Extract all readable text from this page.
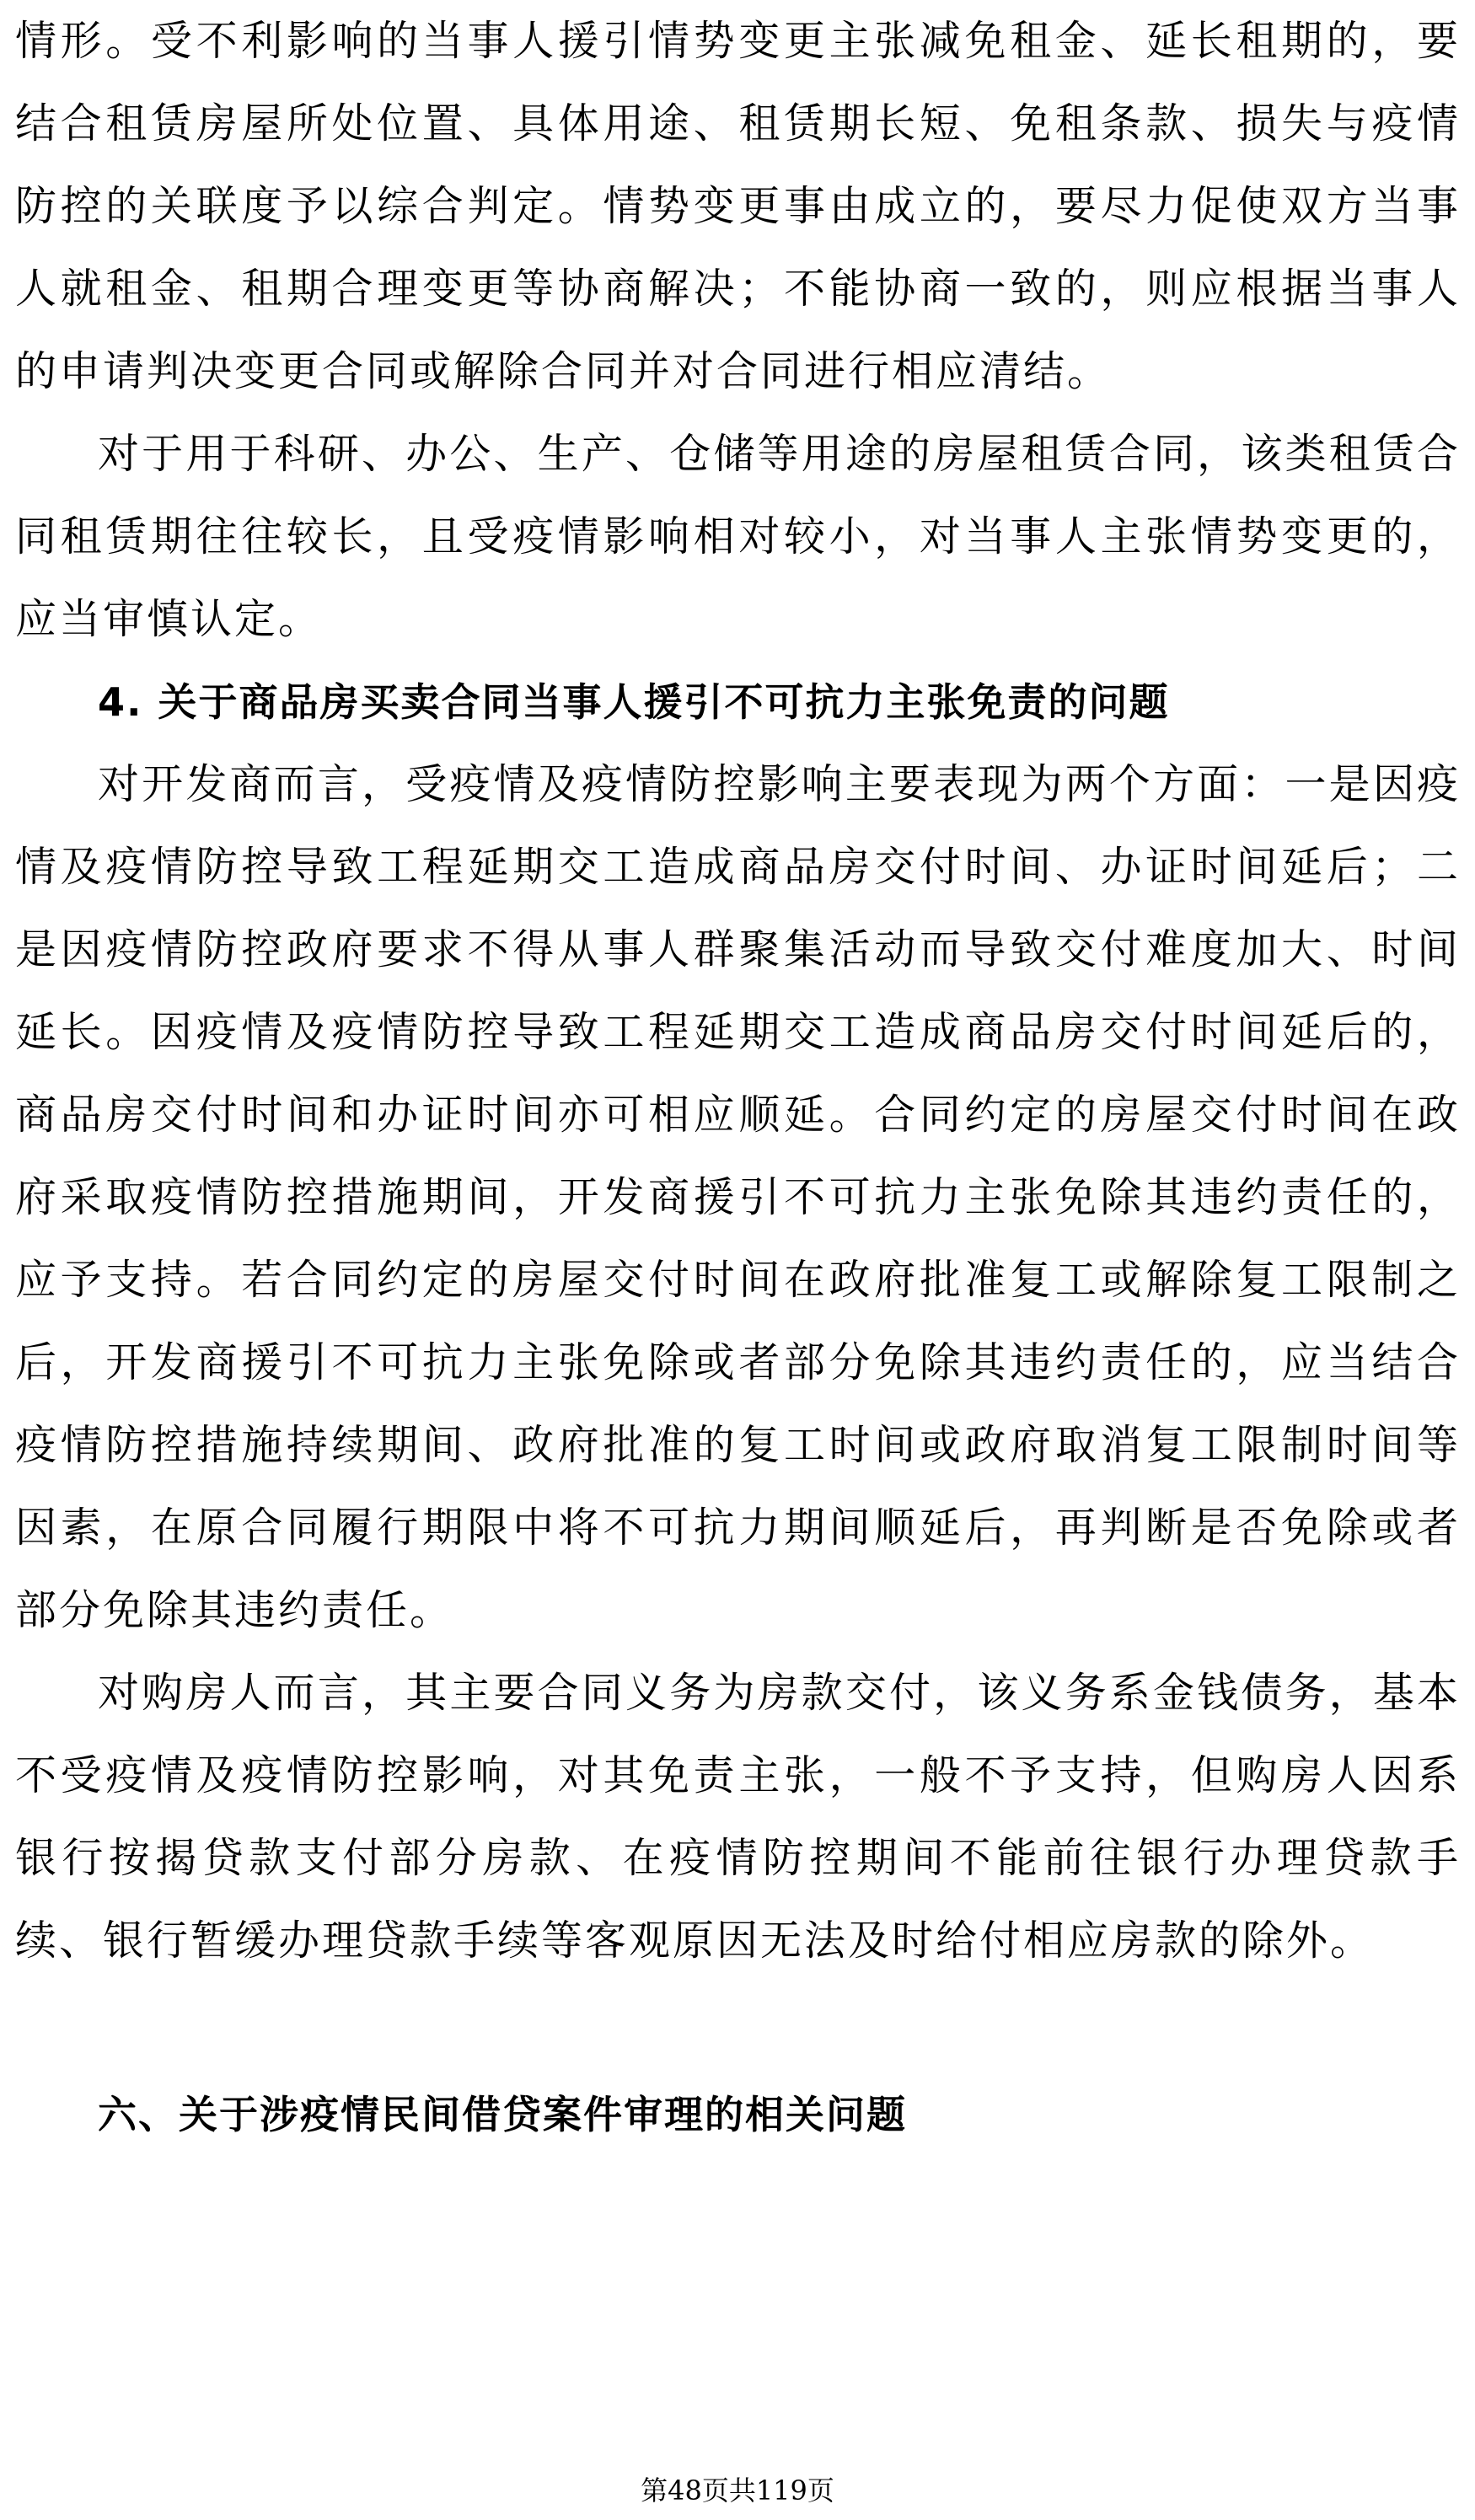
情形。受不利影响的当事人援引情势变更主张减免租金、延长租期的，要结合租赁房屋所处位置、具体用途、租赁期长短、免租条款、损失与疫情防控的关联度予以综合判定。情势变更事由成立的，要尽力促使双方当事人就租金、租期合理变更等协商解决；不能协商一致的，则应根据当事人的申请判决变更合同或解除合同并对合同进行相应清结。

对于用于科研、办公、生产、仓储等用途的房屋租赁合同，该类租赁合同租赁期往往较长，且受疫情影响相对较小，对当事人主张情势变更的，应当审慎认定。

4. 关于商品房买卖合同当事人援引不可抗力主张免责的问题

对开发商而言，受疫情及疫情防控影响主要表现为两个方面：一是因疫情及疫情防控导致工程延期交工造成商品房交付时间、办证时间延后；二是因疫情防控政府要求不得从事人群聚集活动而导致交付难度加大、时间延长。因疫情及疫情防控导致工程延期交工造成商品房交付时间延后的，商品房交付时间和办证时间亦可相应顺延。合同约定的房屋交付时间在政府采取疫情防控措施期间，开发商援引不可抗力主张免除其违约责任的，应予支持。若合同约定的房屋交付时间在政府批准复工或解除复工限制之后，开发商援引不可抗力主张免除或者部分免除其违约责任的，应当结合疫情防控措施持续期间、政府批准的复工时间或政府取消复工限制时间等因素，在原合同履行期限中将不可抗力期间顺延后，再判断是否免除或者部分免除其违约责任。

对购房人而言，其主要合同义务为房款交付，该义务系金钱债务，基本不受疫情及疫情防控影响，对其免责主张，一般不予支持，但购房人因系银行按揭贷款支付部分房款、在疫情防控期间不能前往银行办理贷款手续、银行暂缓办理贷款手续等客观原因无法及时给付相应房款的除外。

六、关于涉疫情民间借贷案件审理的相关问题

第48页共119页
